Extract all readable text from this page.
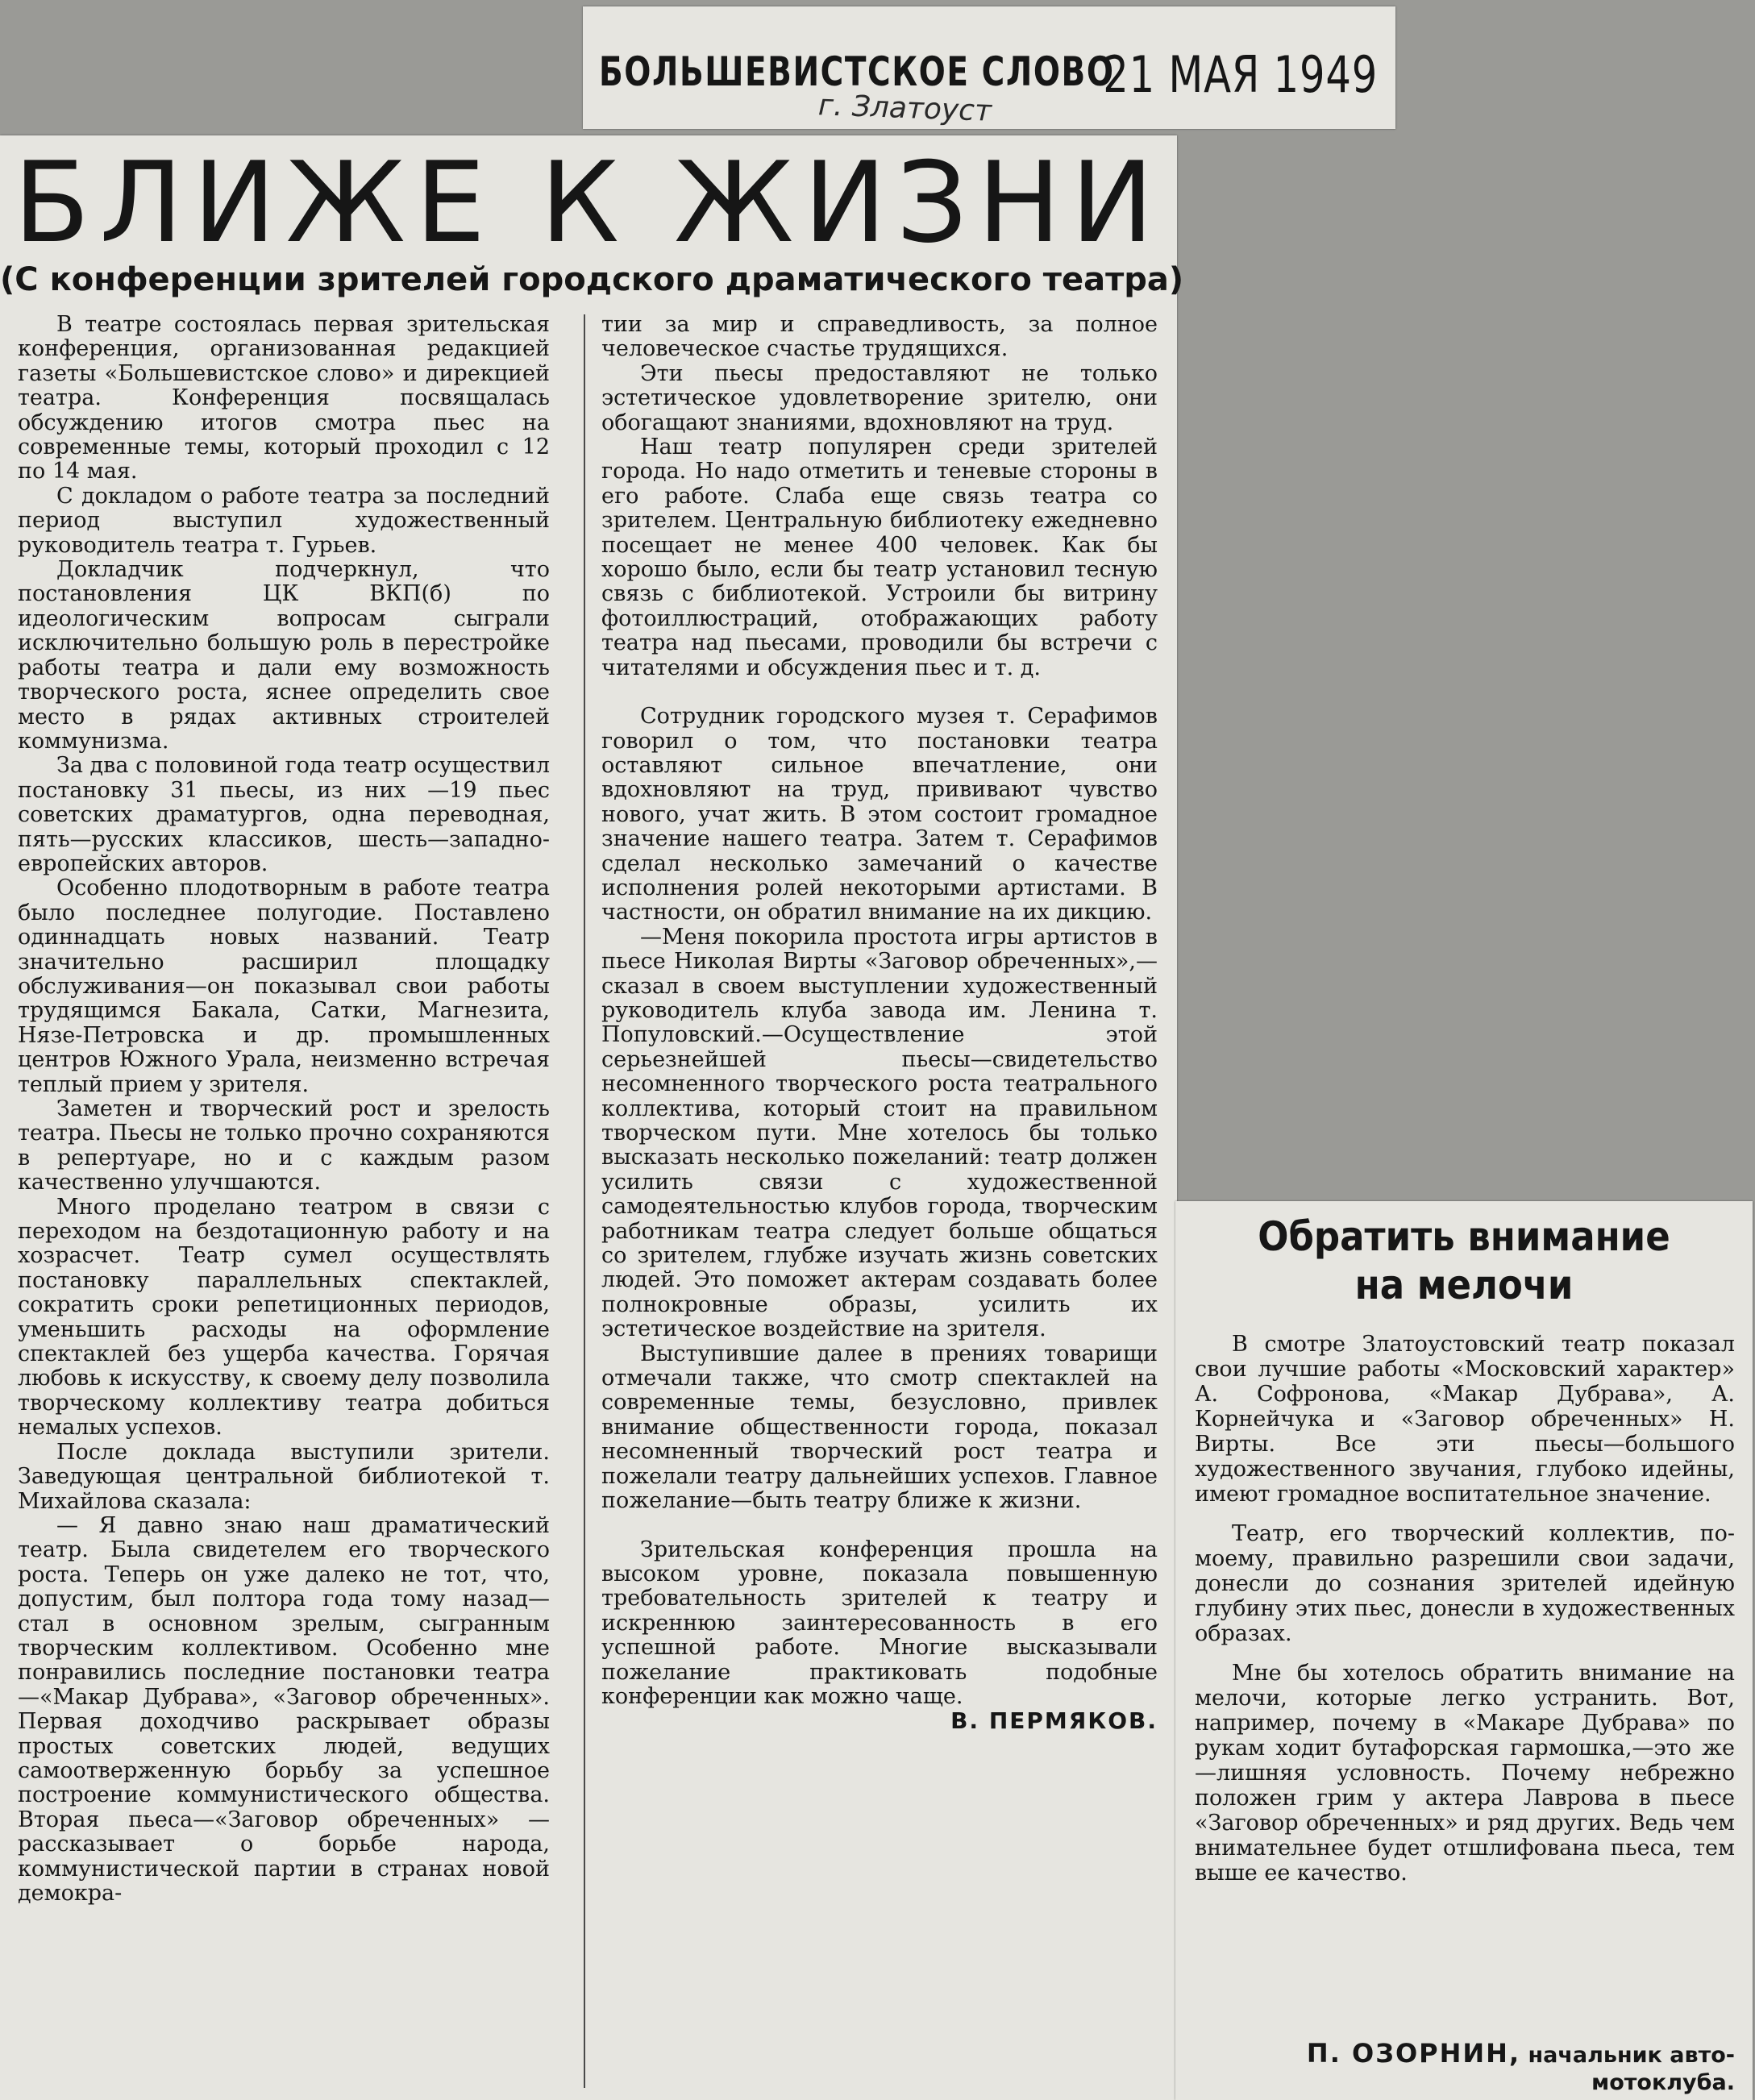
БОЛЬШЕВИСТСКОЕ СЛОВО
21 МАЯ 1949
г. Златоуст
БЛИЖЕ К ЖИЗНИ
(С конференции зрителей городского драматического театра)

В театре состоялась первая зрительская конференция, организованная редакцией газеты «Большевистское слово» и дирекцией театра. Конференция посвящалась обсуждению итогов смотра пьес на современные темы, который проходил с 12 по 14 мая.

С докладом о работе театра за последний период выступил художественный руководитель театра т. Гурьев.

Докладчик подчеркнул, что постановления ЦК ВКП(б) по идеологическим вопросам сыграли исключительно большую роль в перестройке работы театра и дали ему возможность творческого роста, яснее определить свое место в рядах активных строителей коммунизма.

За два с половиной года театр осуществил постановку 31 пьесы, из них —19 пьес советских драматургов, одна переводная, пять—русских классиков, шесть—западно-европейских авторов.

Особенно плодотворным в работе театра было последнее полугодие. Поставлено одиннадцать новых названий. Театр значительно расширил площадку обслуживания—он показывал свои работы трудящимся Бакала, Сатки, Магнезита, Нязе-Петровска и др. промышленных центров Южного Урала, неизменно встречая теплый прием у зрителя.

Заметен и творческий рост и зрелость театра. Пьесы не только прочно сохраняются в репертуаре, но и с каждым разом качественно улучшаются.

Много проделано театром в связи с переходом на бездотационную работу и на хозрасчет. Театр сумел осуществлять постановку параллельных спектаклей, сократить сроки репетиционных периодов, уменьшить расходы на оформление спектаклей без ущерба качества. Горячая любовь к искусству, к своему делу позволила творческому коллективу театра добиться немалых успехов.

После доклада выступили зрители. Заведующая центральной библиотекой т. Михайлова сказала:

— Я давно знаю наш драматический театр. Была свидетелем его творческого роста. Теперь он уже далеко не тот, что, допустим, был полтора года тому назад—стал в основном зрелым, сыгранным творческим коллективом. Особенно мне понравились последние постановки театра—«Макар Дубрава», «Заговор обреченных». Первая доходчиво раскрывает образы простых советских людей, ведущих самоотверженную борьбу за успешное построение коммунистического общества. Вторая пьеса—«Заговор обреченных» —рассказывает о борьбе народа, коммунистической партии в странах новой демокра-

тии за мир и справедливость, за полное человеческое счастье трудящихся.

Эти пьесы предоставляют не только эстетическое удовлетворение зрителю, они обогащают знаниями, вдохновляют на труд.

Наш театр популярен среди зрителей города. Но надо отметить и теневые стороны в его работе. Слаба еще связь театра со зрителем. Центральную библиотеку ежедневно посещает не менее 400 человек. Как бы хорошо было, если бы театр установил тесную связь с библиотекой. Устроили бы витрину фотоиллюстраций, отображающих работу театра над пьесами, проводили бы встречи с читателями и обсуждения пьес и т. д.

Сотрудник городского музея т. Серафимов говорил о том, что постановки театра оставляют сильное впечатление, они вдохновляют на труд, прививают чувство нового, учат жить. В этом состоит громадное значение нашего театра. Затем т. Серафимов сделал несколько замечаний о качестве исполнения ролей некоторыми артистами. В частности, он обратил внимание на их дикцию.

—Меня покорила простота игры артистов в пьесе Николая Вирты «Заговор обреченных»,—сказал в своем выступлении художественный руководитель клуба завода им. Ленина т. Популовский.—Осуществление этой серьезнейшей пьесы—свидетельство несомненного творческого роста театрального коллектива, который стоит на правильном творческом пути. Мне хотелось бы только высказать несколько пожеланий: театр должен усилить связи с художественной самодеятельностью клубов города, творческим работникам театра следует больше общаться со зрителем, глубже изучать жизнь советских людей. Это поможет актерам создавать более полнокровные образы, усилить их эстетическое воздействие на зрителя.

Выступившие далее в прениях товарищи отмечали также, что смотр спектаклей на современные темы, безусловно, привлек внимание общественности города, показал несомненный творческий рост театра и пожелали театру дальнейших успехов. Главное пожелание—быть театру ближе к жизни.

Зрительская конференция прошла на высоком уровне, показала повышенную требовательность зрителей к театру и искреннюю заинтересованность в его успешной работе. Многие высказывали пожелание практиковать подобные конференции как можно чаще.

В. ПЕРМЯКОВ.

Обратить внимание
на мелочи

В смотре Златоустовский театр показал свои лучшие работы «Московский характер» А. Софронова, «Макар Дубрава», А. Корнейчука и «Заговор обреченных» Н. Вирты. Все эти пьесы—большого художественного звучания, глубоко идейны, имеют громадное воспитательное значение.

Театр, его творческий коллектив, по-моему, правильно разрешили свои задачи, донесли до сознания зрителей идейную глубину этих пьес, донесли в художественных образах.

Мне бы хотелось обратить внимание на мелочи, которые легко устранить. Вот, например, почему в «Макаре Дубрава» по рукам ходит бутафорская гармошка,—это же—лишняя условность. Почему небрежно положен грим у актера Лаврова в пьесе «Заговор обреченных» и ряд других. Ведь чем внимательнее будет отшлифована пьеса, тем выше ее качество.

П. ОЗОРНИН, начальник авто-
мотоклуба.
